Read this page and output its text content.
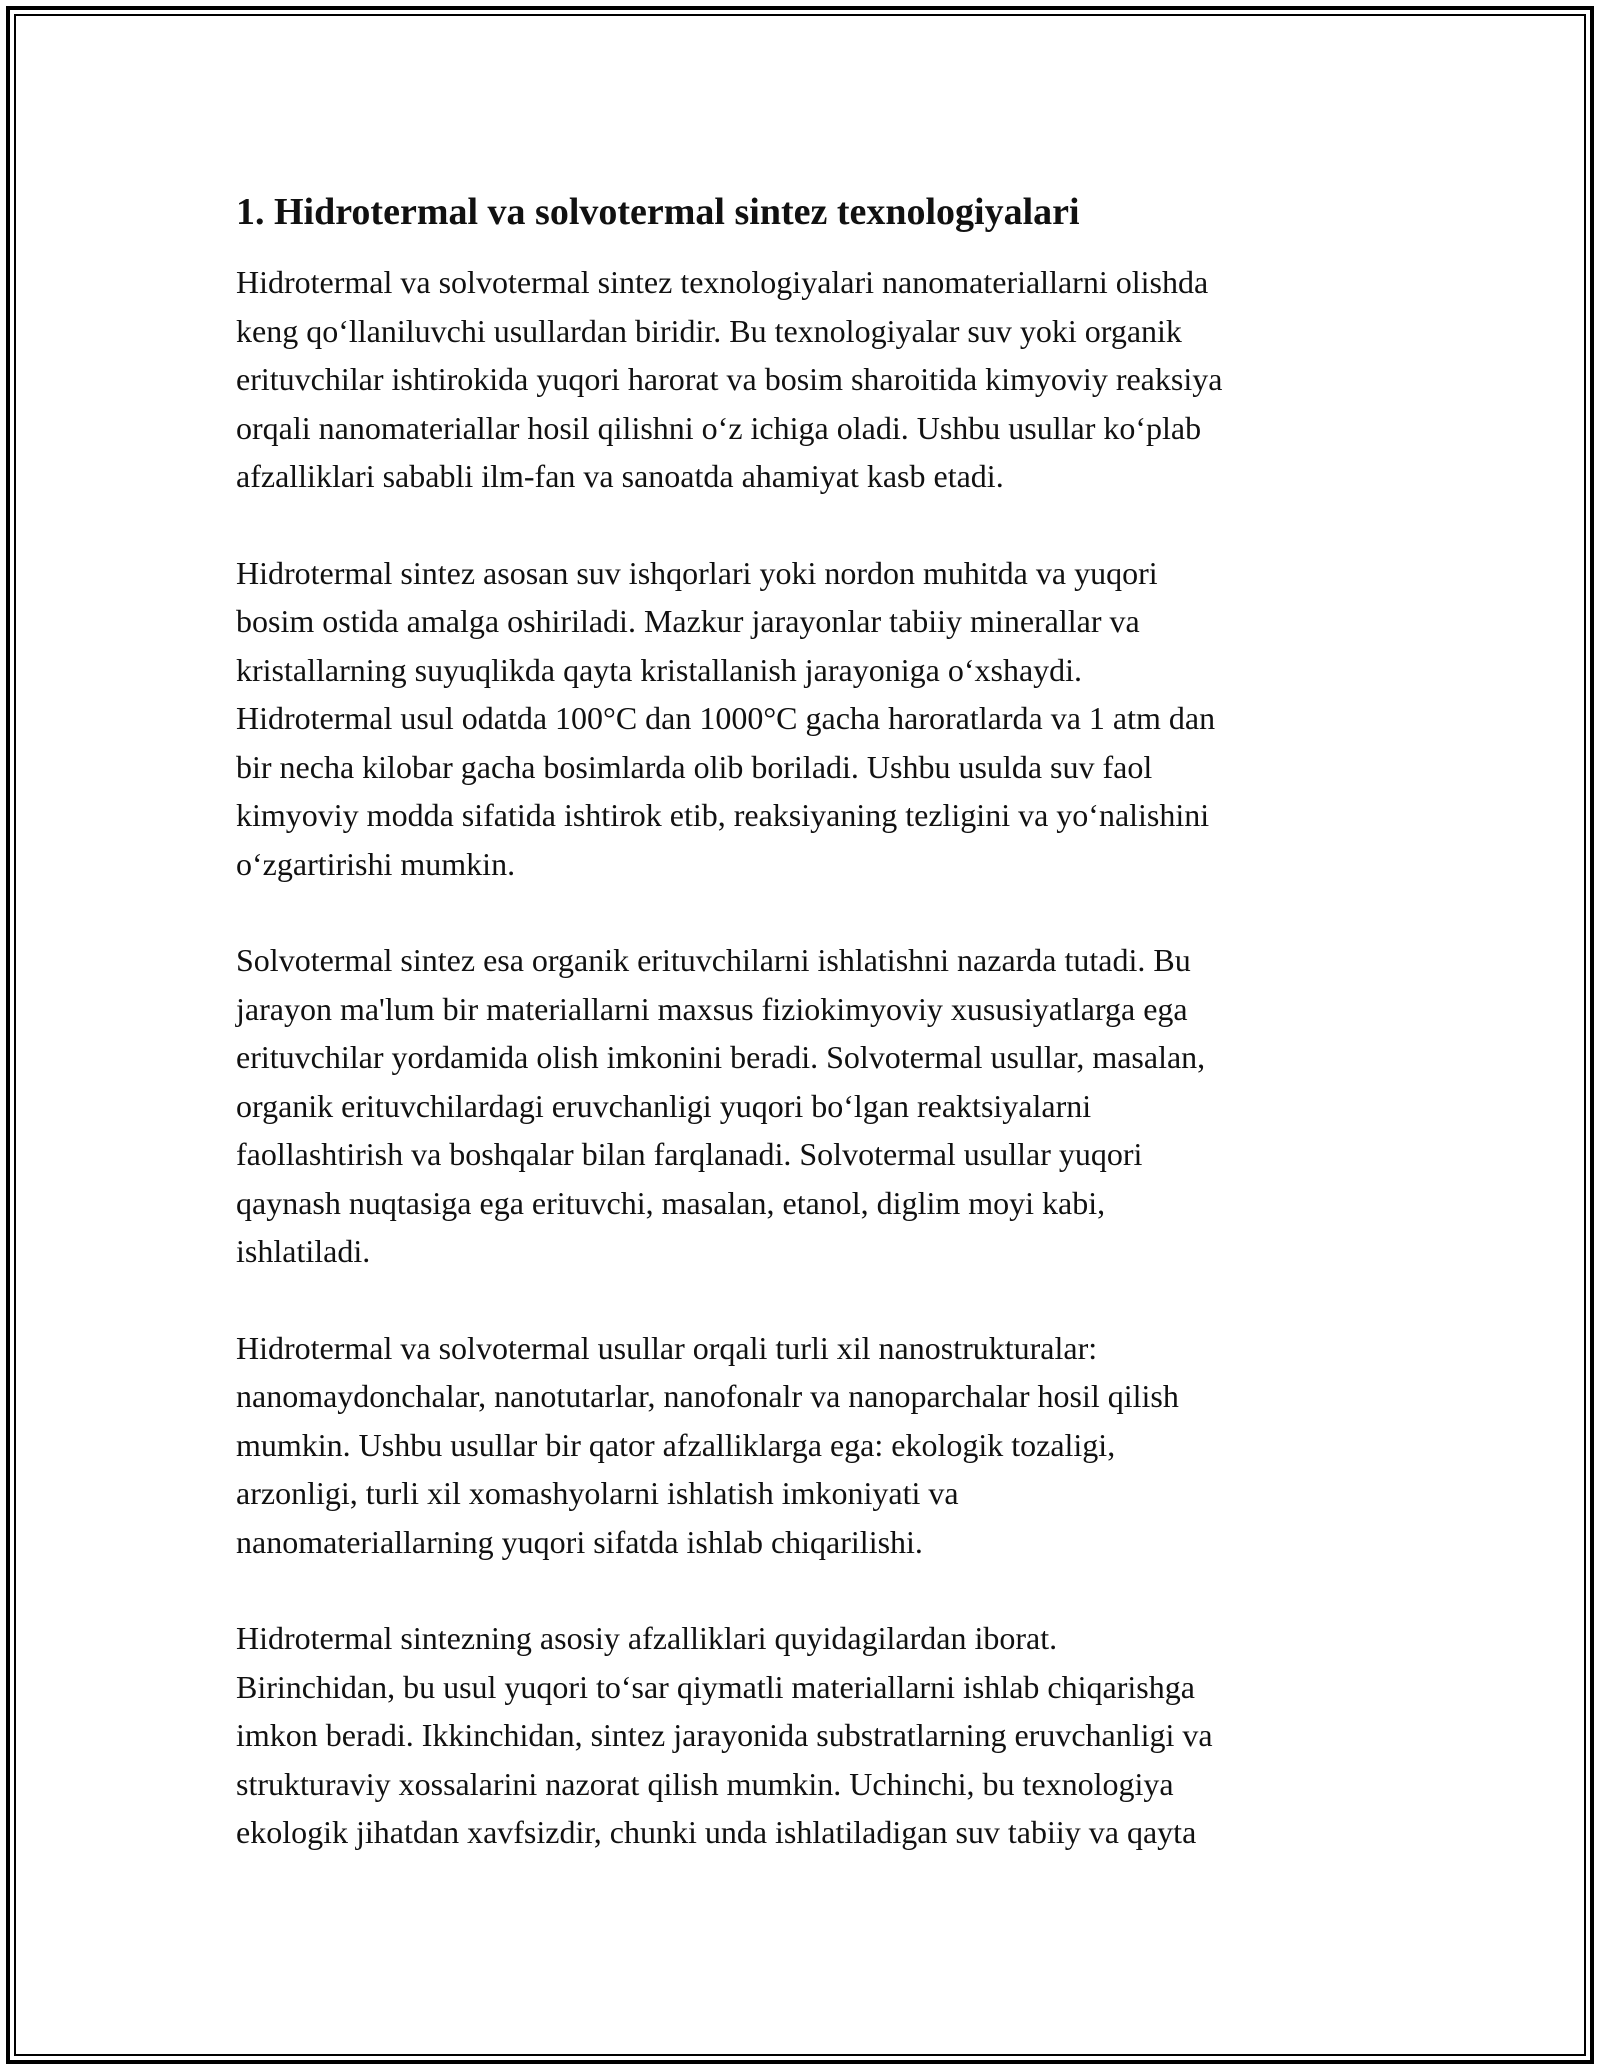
1. Hidrotermal va solvotermal sintez texnologiyalari

Hidrotermal va solvotermal sintez texnologiyalari nanomateriallarni olishda
keng qo‘llaniluvchi usullardan biridir. Bu texnologiyalar suv yoki organik
erituvchilar ishtirokida yuqori harorat va bosim sharoitida kimyoviy reaksiya
orqali nanomateriallar hosil qilishni o‘z ichiga oladi. Ushbu usullar ko‘plab
afzalliklari sababli ilm-fan va sanoatda ahamiyat kasb etadi.

Hidrotermal sintez asosan suv ishqorlari yoki nordon muhitda va yuqori
bosim ostida amalga oshiriladi. Mazkur jarayonlar tabiiy minerallar va
kristallarning suyuqlikda qayta kristallanish jarayoniga o‘xshaydi.
Hidrotermal usul odatda 100°C dan 1000°C gacha haroratlarda va 1 atm dan
bir necha kilobar gacha bosimlarda olib boriladi. Ushbu usulda suv faol
kimyoviy modda sifatida ishtirok etib, reaksiyaning tezligini va yo‘nalishini
o‘zgartirishi mumkin.

Solvotermal sintez esa organik erituvchilarni ishlatishni nazarda tutadi. Bu
jarayon ma'lum bir materiallarni maxsus fiziokimyoviy xususiyatlarga ega
erituvchilar yordamida olish imkonini beradi. Solvotermal usullar, masalan,
organik erituvchilardagi eruvchanligi yuqori bo‘lgan reaktsiyalarni
faollashtirish va boshqalar bilan farqlanadi. Solvotermal usullar yuqori
qaynash nuqtasiga ega erituvchi, masalan, etanol, diglim moyi kabi,
ishlatiladi.

Hidrotermal va solvotermal usullar orqali turli xil nanostrukturalar:
nanomaydonchalar, nanotutarlar, nanofonalr va nanoparchalar hosil qilish
mumkin. Ushbu usullar bir qator afzalliklarga ega: ekologik tozaligi,
arzonligi, turli xil xomashyolarni ishlatish imkoniyati va
nanomateriallarning yuqori sifatda ishlab chiqarilishi.

Hidrotermal sintezning asosiy afzalliklari quyidagilardan iborat.
Birinchidan, bu usul yuqori to‘sar qiymatli materiallarni ishlab chiqarishga
imkon beradi. Ikkinchidan, sintez jarayonida substratlarning eruvchanligi va
strukturaviy xossalarini nazorat qilish mumkin. Uchinchi, bu texnologiya
ekologik jihatdan xavfsizdir, chunki unda ishlatiladigan suv tabiiy va qayta
